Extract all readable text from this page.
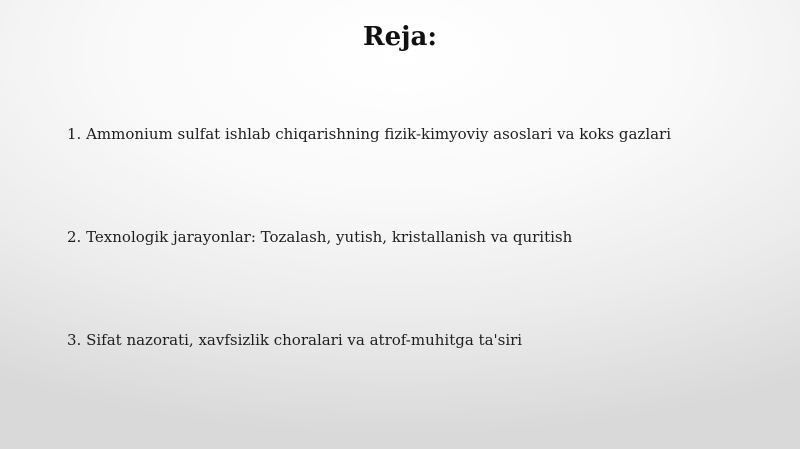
Reja:
1. Ammonium sulfat ishlab chiqarishning fizik-kimyoviy asoslari va koks gazlari
2. Texnologik jarayonlar: Tozalash, yutish, kristallanish va quritish
3. Sifat nazorati, xavfsizlik choralari va atrof-muhitga ta'siri
